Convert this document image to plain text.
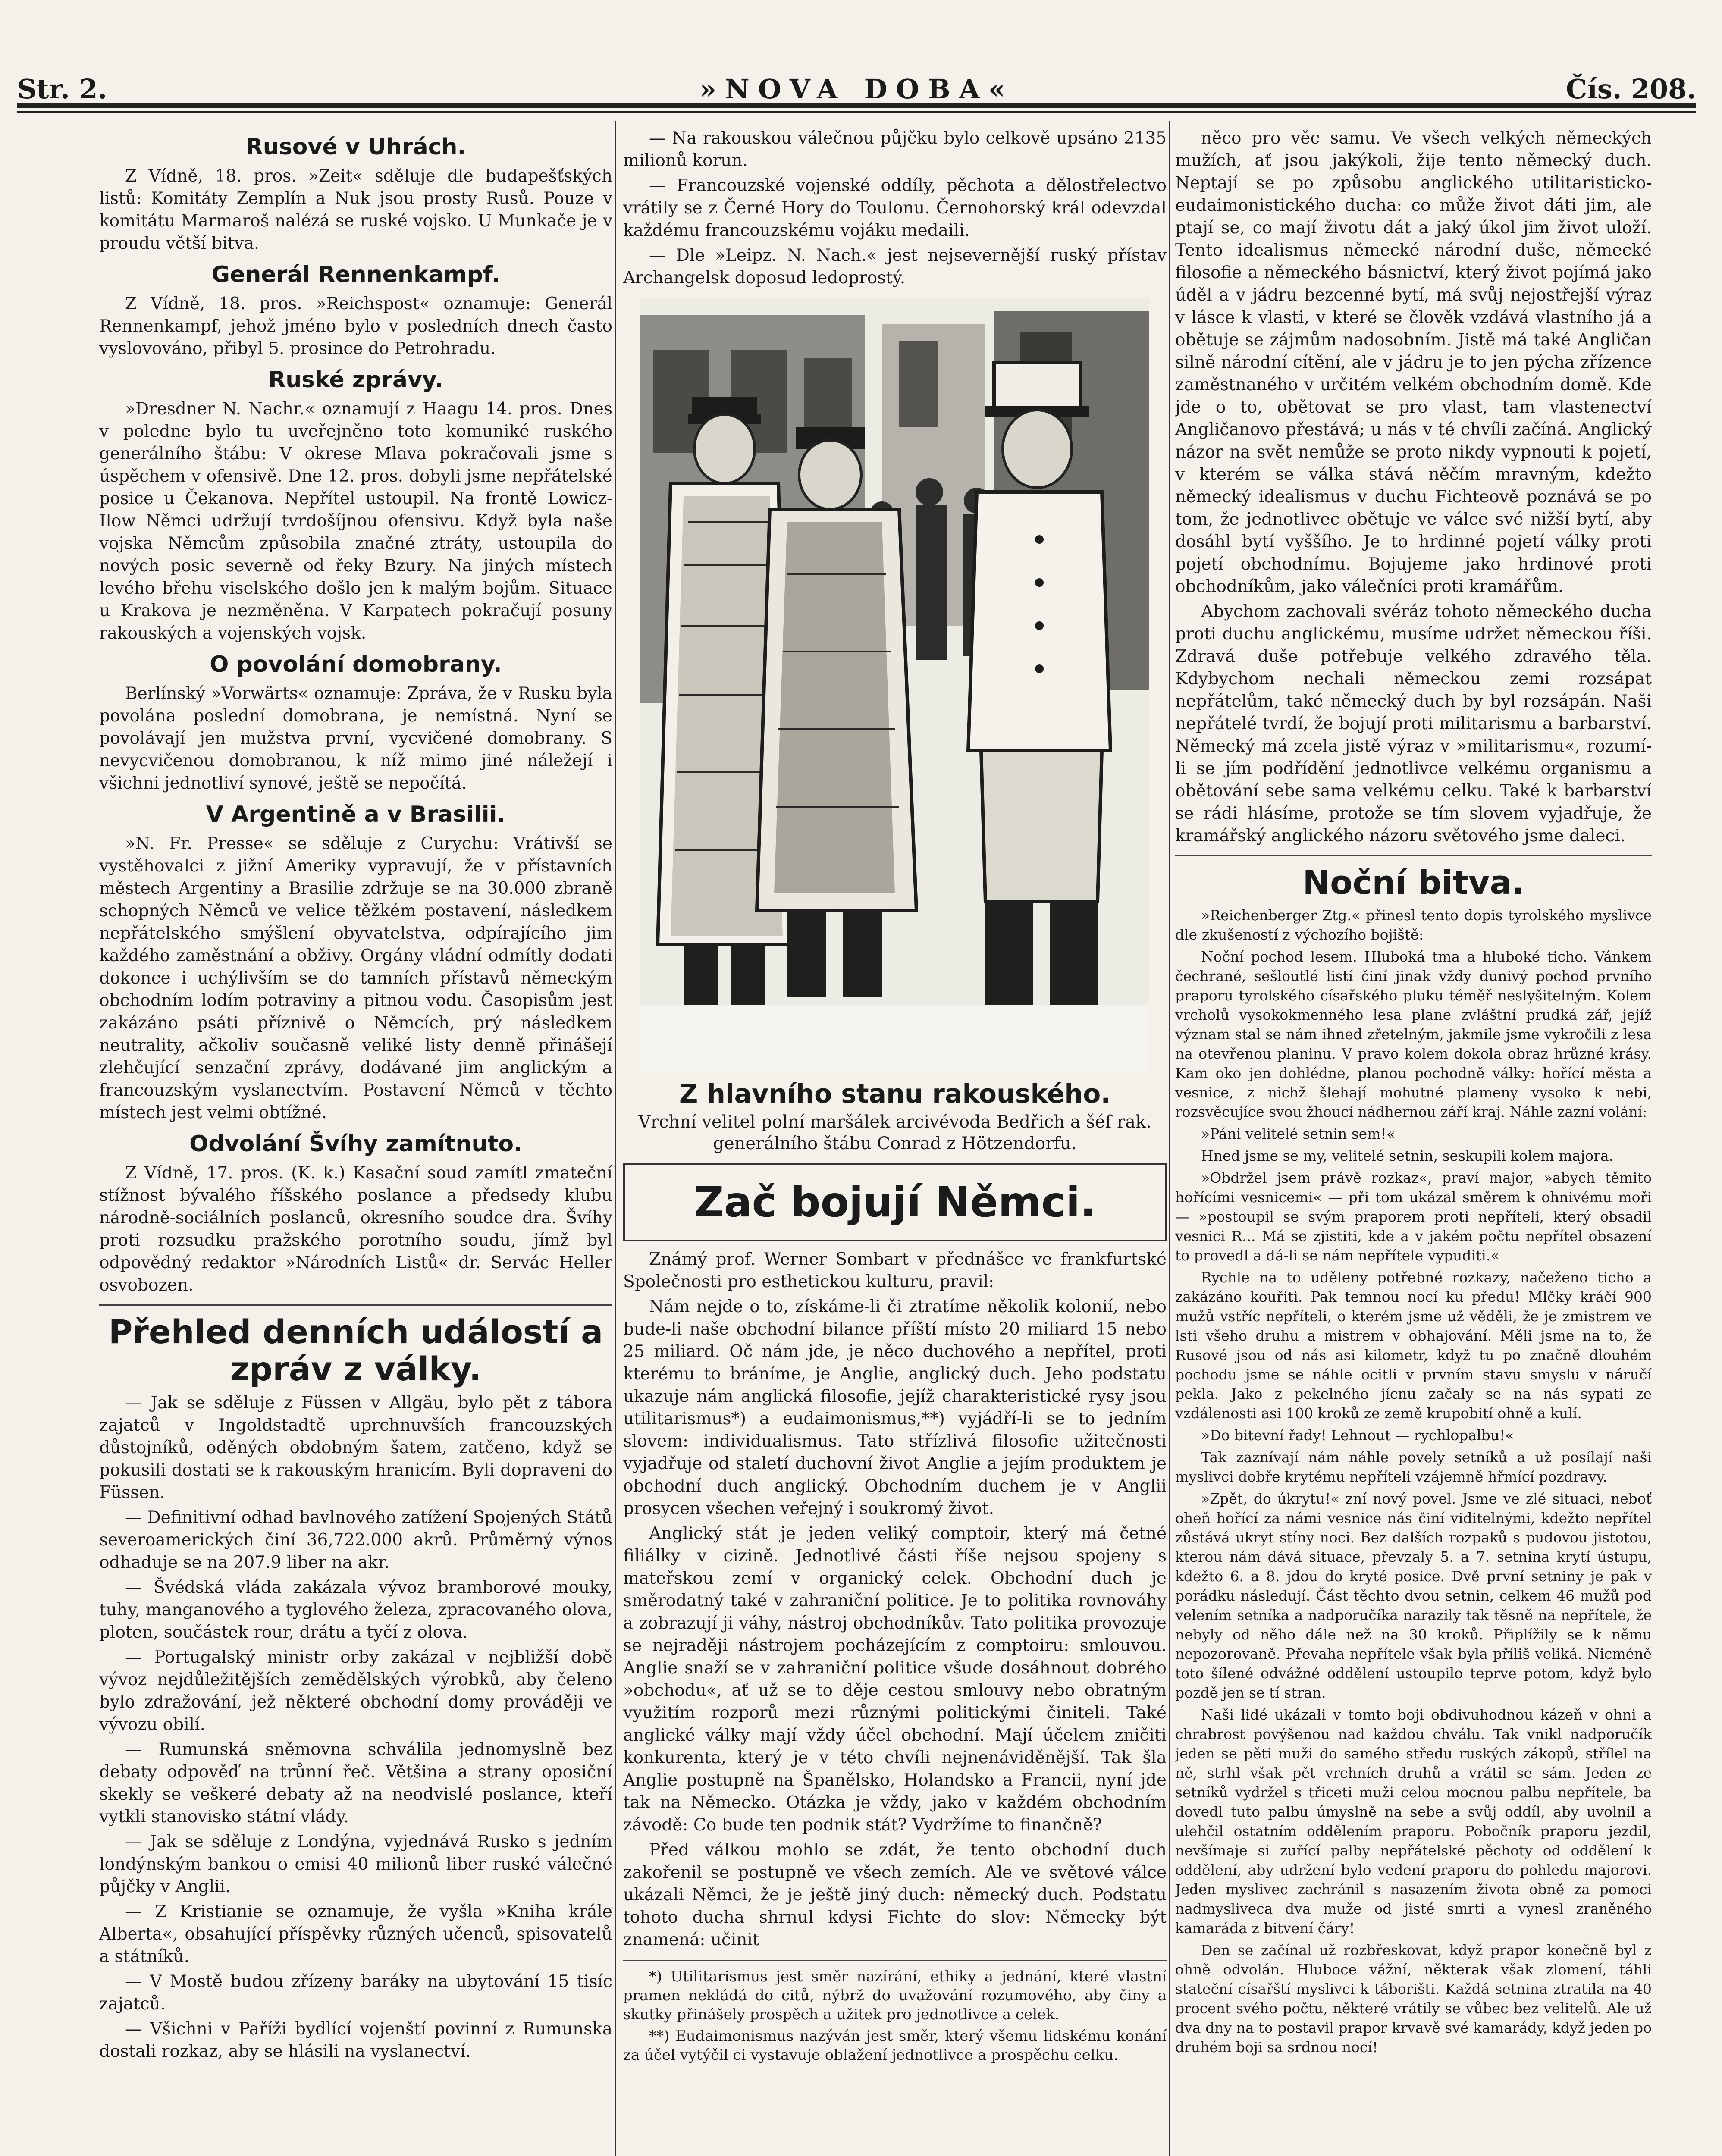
Str. 2.	»NOVA DOBA«	Čís. 208.
Rusové v Uhrách.

Z Vídně, 18. pros. »Zeit« sděluje dle budapešťských listů: Komitáty Zemplín a Nuk jsou prosty Rusů. Pouze v komitátu Marmaroš nalézá se ruské vojsko. U Munkače je v proudu větší bitva.

Generál Rennenkampf.

Z Vídně, 18. pros. »Reichspost« oznamuje: Generál Rennenkampf, jehož jméno bylo v posledních dnech často vyslovováno, přibyl 5. prosince do Petrohradu.

Ruské zprávy.

»Dresdner N. Nachr.« oznamují z Haagu 14. pros. Dnes v poledne bylo tu uveřejněno toto komuniké ruského generálního štábu: V okrese Mlava pokračovali jsme s úspěchem v ofensivě. Dne 12. pros. dobyli jsme nepřátelské posice u Čekanova. Nepřítel ustoupil. Na frontě Lowicz-Ilow Němci udržují tvrdošíjnou ofensivu. Když byla naše vojska Němcům způsobila značné ztráty, ustoupila do nových posic severně od řeky Bzury. Na jiných místech levého břehu viselského došlo jen k malým bojům. Situace u Krakova je nezměněna. V Karpatech pokračují posuny rakouských a vojenských vojsk.

O povolání domobrany.

Berlínský »Vorwärts« oznamuje: Zpráva, že v Rusku byla povolána poslední domobrana, je nemístná. Nyní se povolávají jen mužstva první, vycvičené domobrany. S nevycvičenou domobranou, k níž mimo jiné náležejí i všichni jednotliví synové, ještě se nepočítá.

V Argentině a v Brasilii.

»N. Fr. Presse« se sděluje z Curychu: Vrátivší se vystěhovalci z jižní Ameriky vypravují, že v přístavních městech Argentiny a Brasilie zdržuje se na 30.000 zbraně schopných Němců ve velice těžkém postavení, následkem nepřátelského smýšlení obyvatelstva, odpírajícího jim každého zaměstnání a obživy. Orgány vládní odmítly dodati dokonce i uchýlivším se do tamních přístavů německým obchodním lodím potraviny a pitnou vodu. Časopisům jest zakázáno psáti příznivě o Němcích, prý následkem neutrality, ačkoliv současně veliké listy denně přinášejí zlehčující senzační zprávy, dodávané jim anglickým a francouzským vyslanectvím. Postavení Němců v těchto místech jest velmi obtížné.

Odvolání Švíhy zamítnuto.

Z Vídně, 17. pros. (K. k.) Kasační soud zamítl zmateční stížnost bývalého říšského poslance a předsedy klubu národně-sociálních poslanců, okresního soudce dra. Švíhy proti rozsudku pražského porotního soudu, jímž byl odpovědný redaktor »Národních Listů« dr. Servác Heller osvobozen.

Přehled denních událostí a zpráv z války.

— Jak se sděluje z Füssen v Allgäu, bylo pět z tábora zajatců v Ingoldstadtě uprchnuvších francouzských důstojníků, oděných obdobným šatem, zatčeno, když se pokusili dostati se k rakouským hranicím. Byli dopraveni do Füssen.

— Definitivní odhad bavlnového zatížení Spojených Států severoamerických činí 36,722.000 akrů. Průměrný výnos odhaduje se na 207.9 liber na akr.

— Švédská vláda zakázala vývoz bramborové mouky, tuhy, manganového a tyglového železa, zpracovaného olova, ploten, součástek rour, drátu a tyčí z olova.

— Portugalský ministr orby zakázal v nejbližší době vývoz nejdůležitějších zemědělských výrobků, aby čeleno bylo zdražování, jež některé obchodní domy prováději ve vývozu obilí.

— Rumunská sněmovna schválila jednomyslně bez debaty odpověď na trůnní řeč. Většina a strany oposiční skekly se veškeré debaty až na neodvislé poslance, kteří vytkli stanovisko státní vlády.

— Jak se sděluje z Londýna, vyjednává Rusko s jedním londýnským bankou o emisi 40 milionů liber ruské válečné půjčky v Anglii.

— Z Kristianie se oznamuje, že vyšla »Kniha krále Alberta«, obsahující příspěvky různých učenců, spisovatelů a státníků.

— V Mostě budou zřízeny baráky na ubytování 15 tisíc zajatců.

— Všichni v Paříži bydlící vojenští povinní z Rumunska dostali rozkaz, aby se hlásili na vyslanectví.

— Na rakouskou válečnou půjčku bylo celkově upsáno 2135 milionů korun.

— Francouzské vojenské oddíly, pěchota a dělostřelectvo vrátily se z Černé Hory do Toulonu. Černohorský král odevzdal každému francouzskému vojáku medaili.

— Dle »Leipz. N. Nach.« jest nejsevernější ruský přístav Archangelsk doposud ledoprostý.

Z hlavního stanu rakouského.
Vrchní velitel polní maršálek arcivévoda Bedřich a šéf rak. generálního štábu Conrad z Hötzendorfu.
Zač bojují Němci.

Známý prof. Werner Sombart v přednášce ve frankfurtské Společnosti pro esthetickou kulturu, pravil:

Nám nejde o to, získáme-li či ztratíme několik kolonií, nebo bude-li naše obchodní bilance příští místo 20 miliard 15 nebo 25 miliard. Oč nám jde, je něco duchového a nepřítel, proti kterému to bráníme, je Anglie, anglický duch. Jeho podstatu ukazuje nám anglická filosofie, jejíž charakteristické rysy jsou utilitarismus*) a eudaimonismus,**) vyjádří-li se to jedním slovem: individualismus. Tato střízlivá filosofie užitečnosti vyjadřuje od staletí duchovní život Anglie a jejím produktem je obchodní duch anglický. Obchodním duchem je v Anglii prosycen všechen veřejný i soukromý život.

Anglický stát je jeden veliký comptoir, který má četné filiálky v cizině. Jednotlivé části říše nejsou spojeny s mateřskou zemí v organický celek. Obchodní duch je směrodatný také v zahraniční politice. Je to politika rovnováhy a zobrazují ji váhy, nástroj obchodníkův. Tato politika provozuje se nejraději nástrojem pocházejícím z comptoiru: smlouvou. Anglie snaží se v zahraniční politice všude dosáhnout dobrého »obchodu«, ať už se to děje cestou smlouvy nebo obratným využitím rozporů mezi různými politickými činiteli. Také anglické války mají vždy účel obchodní. Mají účelem zničiti konkurenta, který je v této chvíli nejnenáviděnější. Tak šla Anglie postupně na Španělsko, Holandsko a Francii, nyní jde tak na Německo. Otázka je vždy, jako v každém obchodním závodě: Co bude ten podnik stát? Vydržíme to finančně?

Před válkou mohlo se zdát, že tento obchodní duch zakořenil se postupně ve všech zemích. Ale ve světové válce ukázali Němci, že je ještě jiný duch: německý duch. Podstatu tohoto ducha shrnul kdysi Fichte do slov: Německy být znamená: učinit

*) Utilitarismus jest směr nazírání, ethiky a jednání, které vlastní pramen nekládá do citů, nýbrž do uvažování rozumového, aby činy a skutky přinášely prospěch a užitek pro jednotlivce a celek.

**) Eudaimonismus nazýván jest směr, který všemu lidskému konání za účel vytýčil ci vystavuje oblažení jednotlivce a prospěchu celku.

něco pro věc samu. Ve všech velkých německých mužích, ať jsou jakýkoli, žije tento německý duch. Neptají se po způsobu anglického utilitaristicko-eudaimonistického ducha: co může život dáti jim, ale ptají se, co mají životu dát a jaký úkol jim život uloží. Tento idealismus německé národní duše, německé filosofie a německého básnictví, který život pojímá jako úděl a v jádru bezcenné bytí, má svůj nejostřejší výraz v lásce k vlasti, v které se člověk vzdává vlastního já a obětuje se zájmům nadosobním. Jistě má také Angličan silně národní cítění, ale v jádru je to jen pýcha zřízence zaměstnaného v určitém velkém obchodním domě. Kde jde o to, obětovat se pro vlast, tam vlastenectví Angličanovo přestává; u nás v té chvíli začíná. Anglický názor na svět nemůže se proto nikdy vypnouti k pojetí, v kterém se válka stává něčím mravným, kdežto německý idealismus v duchu Fichteově poznává se po tom, že jednotlivec obětuje ve válce své nižší bytí, aby dosáhl bytí vyššího. Je to hrdinné pojetí války proti pojetí obchodnímu. Bojujeme jako hrdinové proti obchodníkům, jako válečníci proti kramářům.

Abychom zachovali svéráz tohoto německého ducha proti duchu anglickému, musíme udržet německou říši. Zdravá duše potřebuje velkého zdravého těla. Kdybychom nechali německou zemi rozsápat nepřátelům, také německý duch by byl rozsápán. Naši nepřátelé tvrdí, že bojují proti militarismu a barbarství. Německý má zcela jistě výraz v »militarismu«, rozumí-li se jím podřídění jednotlivce velkému organismu a obětování sebe sama velkému celku. Také k barbarství se rádi hlásíme, protože se tím slovem vyjadřuje, že kramářský anglického názoru světového jsme daleci.

Noční bitva.

»Reichenberger Ztg.« přinesl tento dopis tyrolského myslivce dle zkušeností z výchozího bojiště:

Noční pochod lesem. Hluboká tma a hluboké ticho. Vánkem čechrané, sešloutlé listí činí jinak vždy dunivý pochod prvního praporu tyrolského císařského pluku téměř neslyšitelným. Kolem vrcholů vysokokmenného lesa plane zvláštní prudká zář, jejíž význam stal se nám ihned zřetelným, jakmile jsme vykročili z lesa na otevřenou planinu. V pravo kolem dokola obraz hrůzné krásy. Kam oko jen dohlédne, planou pochodně války: hořící města a vesnice, z nichž šlehají mohutné plameny vysoko k nebi, rozsvěcujíce svou žhoucí nádhernou září kraj. Náhle zazní volání:

»Páni velitelé setnin sem!«

Hned jsme se my, velitelé setnin, seskupili kolem majora.

»Obdržel jsem právě rozkaz«, praví major, »abych těmito hořícími vesnicemi« — při tom ukázal směrem k ohnivému moři — »postoupil se svým praporem proti nepříteli, který obsadil vesnici R... Má se zjistiti, kde a v jakém počtu nepřítel obsazení to provedl a dá-li se nám nepřítele vypuditi.«

Rychle na to uděleny potřebné rozkazy, načeženo ticho a zakázáno kouřiti. Pak temnou nocí ku předu! Mlčky kráčí 900 mužů vstříc nepříteli, o kterém jsme už věděli, že je zmistrem ve lsti všeho druhu a mistrem v obhajování. Měli jsme na to, že Rusové jsou od nás asi kilometr, když tu po značně dlouhém pochodu jsme se náhle ocitli v prvním stavu smyslu v náručí pekla. Jako z pekelného jícnu začaly se na nás sypati ze vzdálenosti asi 100 kroků ze země krupobití ohně a kulí.

»Do bitevní řady! Lehnout — rychlopalbu!«

Tak zaznívají nám náhle povely setníků a už posílají naši myslivci dobře krytému nepříteli vzájemně hřmící pozdravy.

»Zpět, do úkrytu!« zní nový povel. Jsme ve zlé situaci, neboť oheň hořící za námi vesnice nás činí viditelnými, kdežto nepřítel zůstává ukryt stíny noci. Bez dalších rozpaků s pudovou jistotou, kterou nám dává situace, převzaly 5. a 7. setnina krytí ústupu, kdežto 6. a 8. jdou do kryté posice. Dvě první setniny je pak v porádku následují. Část těchto dvou setnin, celkem 46 mužů pod velením setníka a nadporučíka narazily tak těsně na nepřítele, že nebyly od něho dále než na 30 kroků. Připlížily se k němu nepozorovaně. Převaha nepřítele však byla příliš veliká. Nicméně toto šílené odvážné oddělení ustoupilo teprve potom, když bylo pozdě jen se tí stran.

Naši lidé ukázali v tomto boji obdivuhodnou kázeň v ohni a chrabrost povýšenou nad každou chválu. Tak vnikl nadporučík jeden se pěti muži do samého středu ruských zákopů, střílel na ně, strhl však pět vrchních druhů a vrátil se sám. Jeden ze setníků vydržel s třiceti muži celou mocnou palbu nepřítele, ba dovedl tuto palbu úmyslně na sebe a svůj oddíl, aby uvolnil a ulehčil ostatním oddělením praporu. Pobočník praporu jezdil, nevšímaje si zuřící palby nepřátelské pěchoty od oddělení k oddělení, aby udržení bylo vedení praporu do pohledu majorovi. Jeden myslivec zachránil s nasazením života obně za pomoci nadmysliveca dva muže od jisté smrti a vynesl zraněného kamaráda z bitvení čáry!

Den se začínal už rozbřeskovat, když prapor konečně byl z ohně odvolán. Hluboce vážní, některak však zlomení, táhli stateční císařští myslivci k táborišti. Každá setnina ztratila na 40 procent svého počtu, některé vrátily se vůbec bez velitelů. Ale už dva dny na to postavil prapor krvavě své kamarády, když jeden po druhém boji sa srdnou nocí!
